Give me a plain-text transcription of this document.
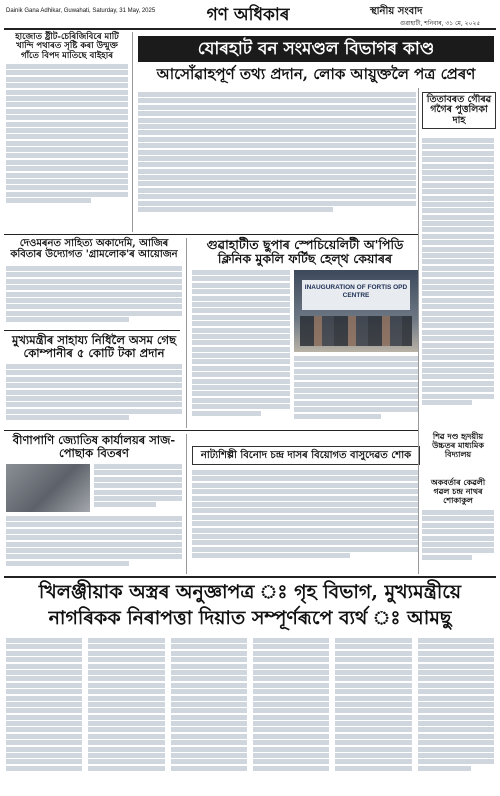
Dainik Gana Adhikar, Guwahati, Saturday, 31 May, 2025	গণ অধিকাৰ	স্থানীয় সংবাদ
গুৱাহাটী, শনিবাৰ, ৩১ মে, ২০২৫
হাজোত ষ্ট্ৰীট-চেৰিজিবিৰে মাটি খান্দি পথাৰত সৃষ্টি কৰা উন্মুক্ত গাঁতে বিপদ মাতিছে বাইহাৰ	যোৰহাট বন সংমণ্ডল বিভাগৰ কাণ্ড
আসোঁৱাহপূৰ্ণ তথ্য প্ৰদান, লোক আয়ুক্তলৈ পত্ৰ প্ৰেৰণ
তিতাবৰত গৌৰৱ গগৈৰ পুত্তলিকা দাহ
দেওমৰনত সাহিত্য অকাদেমি, আজিৰ কবিতাৰ উদ্যোগত 'গ্ৰামলোক'ৰ আয়োজন
মুখ্যমন্ত্ৰীৰ সাহায্য নিধিলৈ অসম গেছ কোম্পানীৰ ৫ কোটি টকা প্ৰদান
গুৱাহাটীত ছুপাৰ স্পেচিয়েলিটী অ'পিডি ক্লিনিক মুকলি ফৰ্টিছ হেল্‌থ কেয়াৰৰ
INAUGURATION OF FORTIS OPD CENTRE
বীণাপাণি জ্যোতিষ কাৰ্যালয়ৰ সাজ-পোছাক বিতৰণ	নাট্যশিল্পী বিনোদ চন্দ্ৰ দাসৰ বিয়োগত বাসুদেৱত শোক
শিৱ দণ্ড হৃদয়ীয় উচ্চতৰ মাধ্যমিক বিদ্যালয়
অকবৰ্তাৰ কেৱলী গৱল চন্দ্ৰ নাথৰ শোকাকুল
খিলঞ্জীয়াক অস্ত্ৰৰ অনুজ্ঞাপত্ৰ ঃ গৃহ বিভাগ, মুখ্যমন্ত্ৰীয়ে
নাগৰিকক নিৰাপত্তা দিয়াত সম্পূৰ্ণৰূপে ব্যৰ্থ ঃ আমছু
